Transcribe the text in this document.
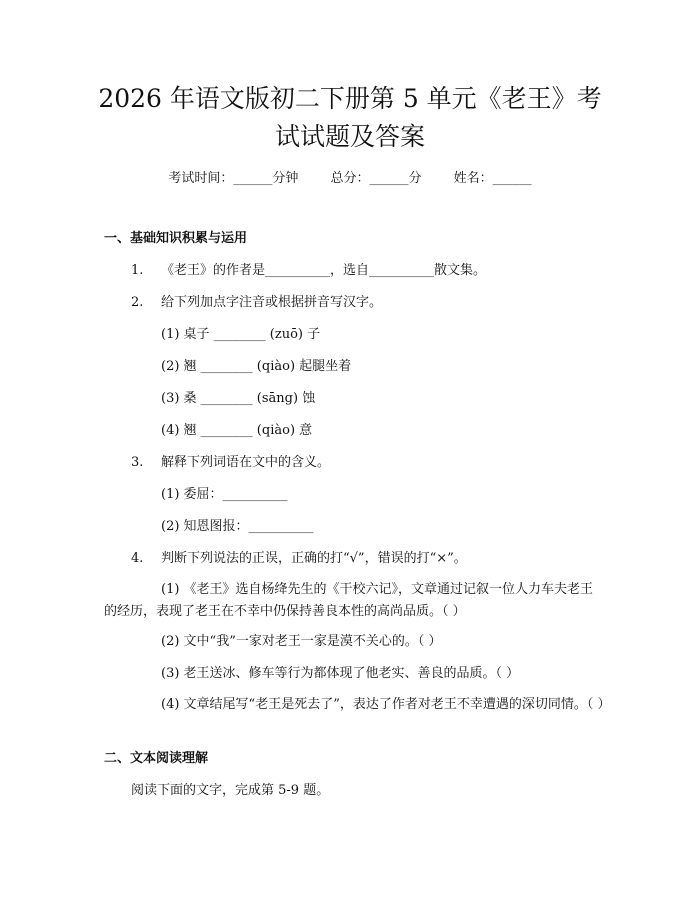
2026 年语文版初二下册第 5 单元《老王》考
试试题及答案
考试时间：______分钟 总分：______分 姓名：______
一、基础知识积累与运用
1. 《老王》的作者是__________，选自__________散文集。
2. 给下列加点字注音或根据拼音写汉字。
(1) 桌子 ________ (zuō) 子
(2) 翘 ________ (qiào) 起腿坐着
(3) 桑 ________ (sāng) 蚀
(4) 翘 ________ (qiào) 意
3. 解释下列词语在文中的含义。
(1) 委屈：__________
(2) 知恩图报：__________
4. 判断下列说法的正误，正确的打“√”，错误的打“×”。
(1) 《老王》选自杨绛先生的《干校六记》，文章通过记叙一位人力车夫老王的经历，表现了老王在不幸中仍保持善良本性的高尚品质。（ ）
(2) 文中“我”一家对老王一家是漠不关心的。（ ）
(3) 老王送冰、修车等行为都体现了他老实、善良的品质。（ ）
(4) 文章结尾写“老王是死去了”，表达了作者对老王不幸遭遇的深切同情。（ ）
二、文本阅读理解
阅读下面的文字，完成第 5-9 题。
